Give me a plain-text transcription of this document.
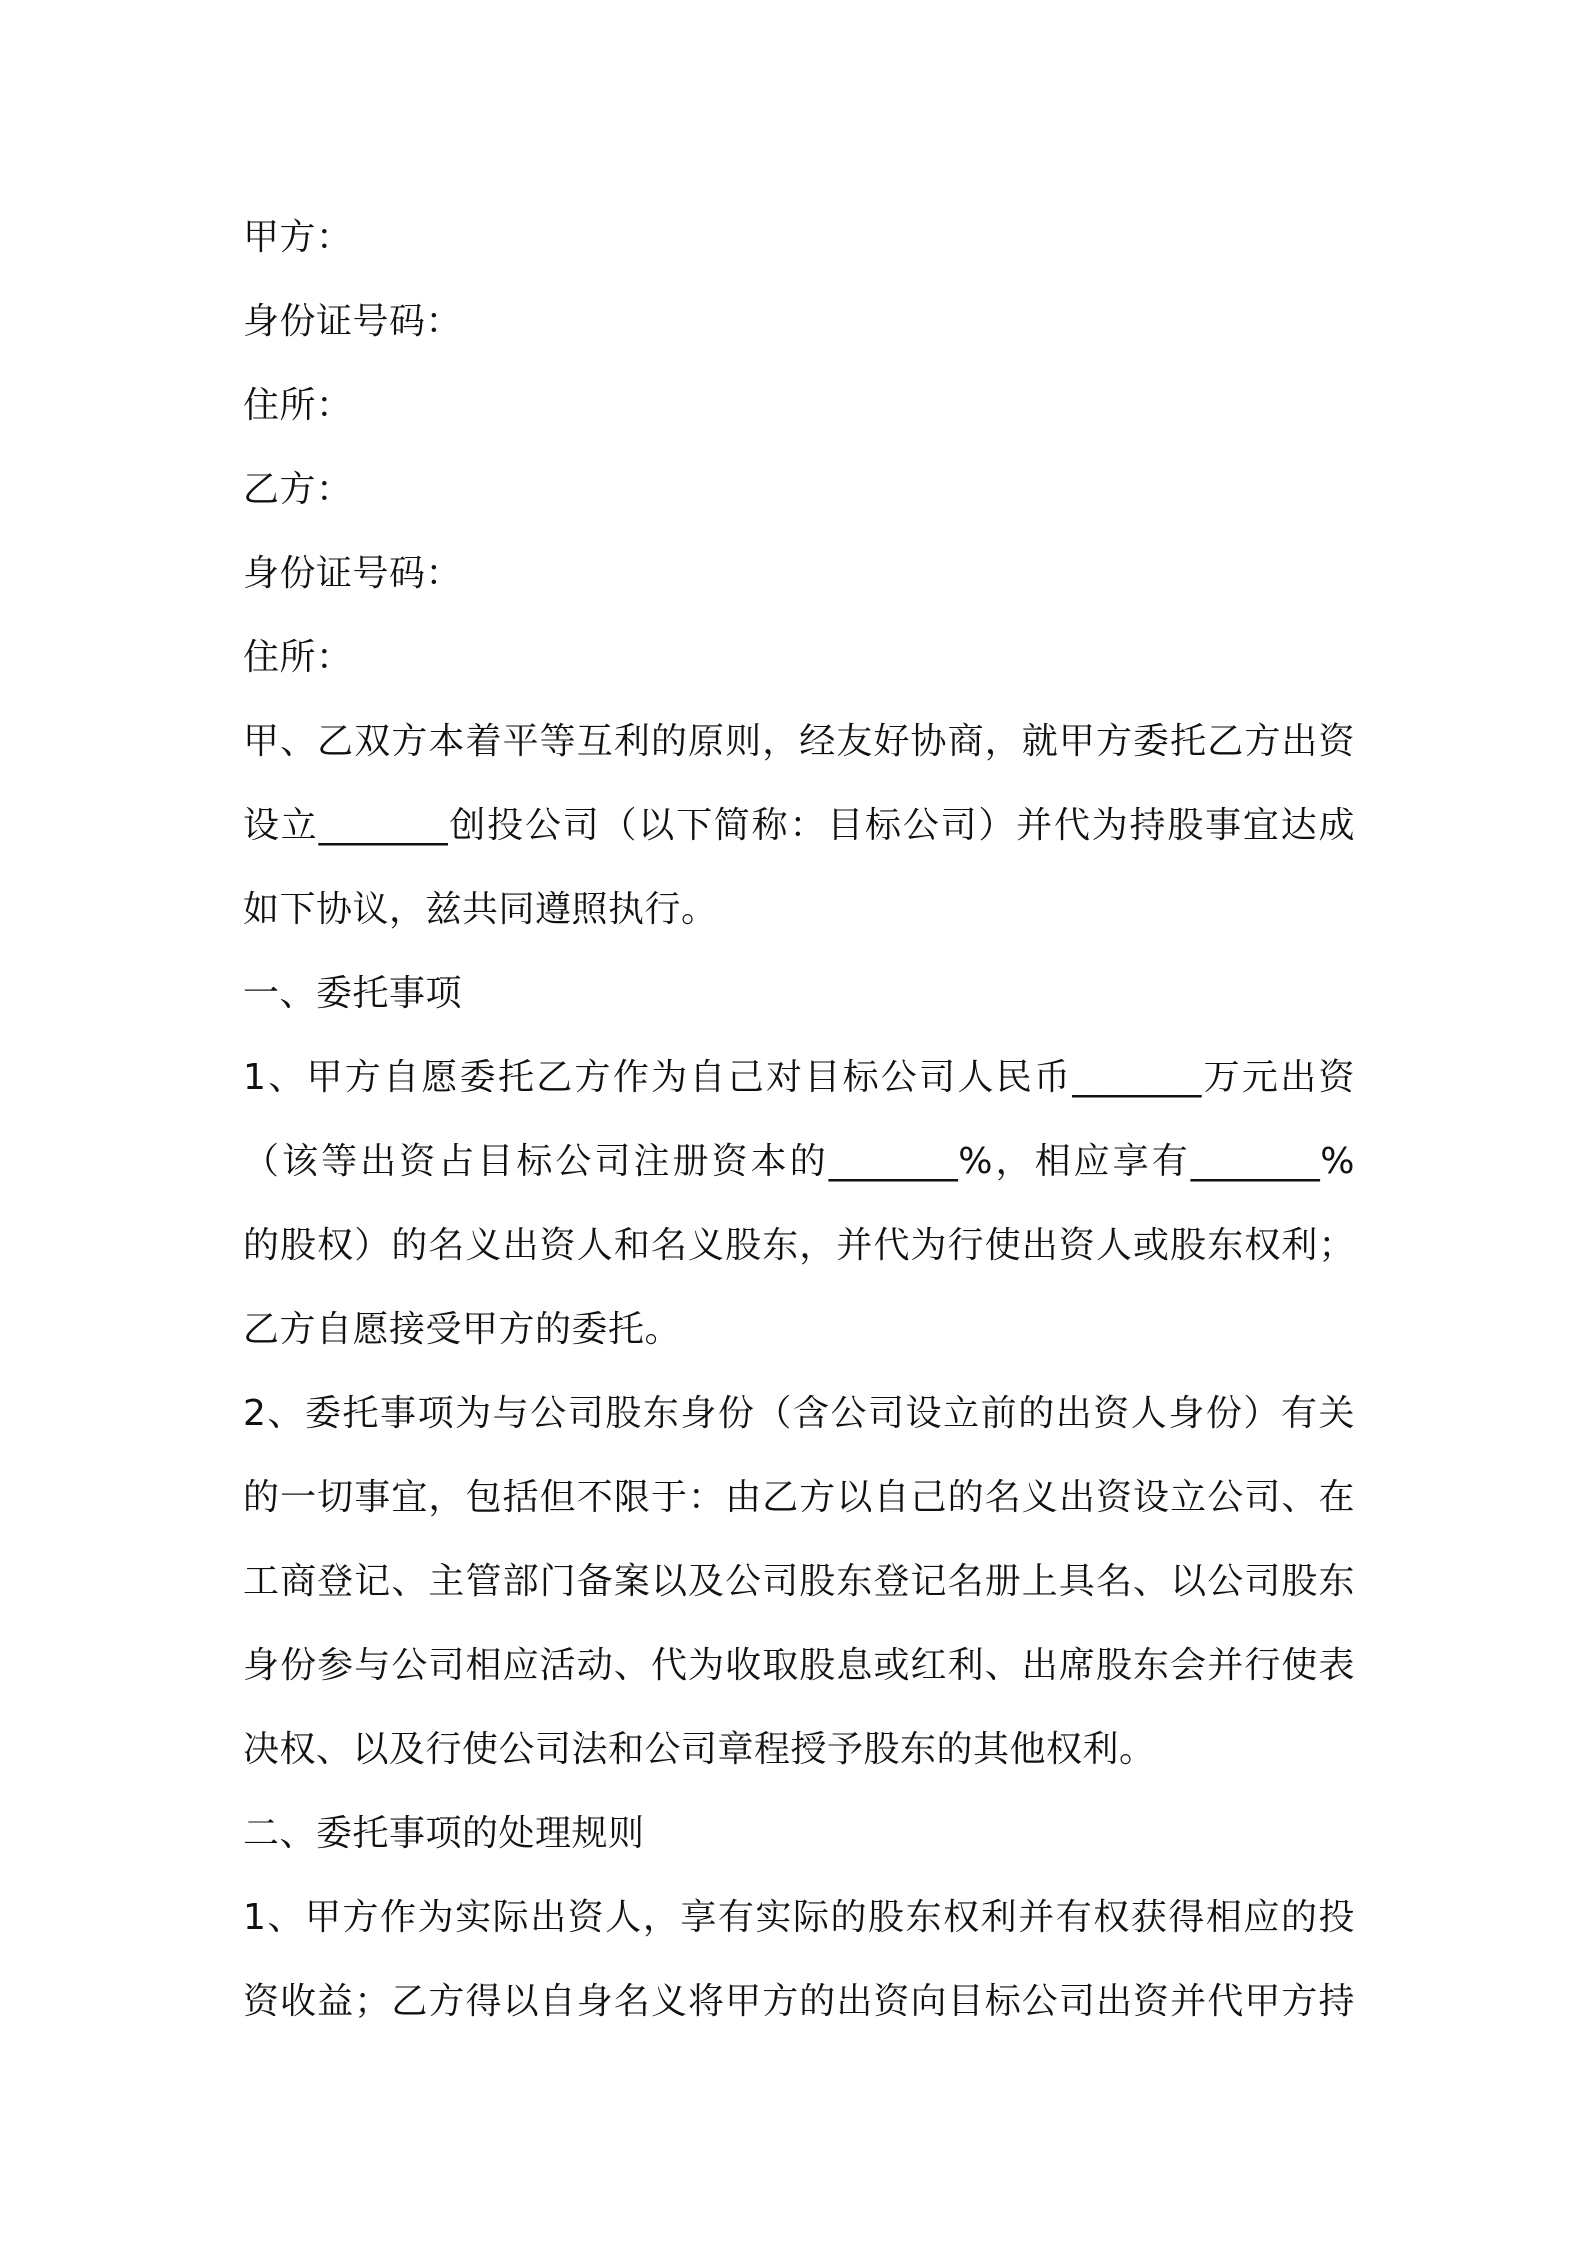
甲方：
身份证号码：
住所：
乙方：
身份证号码：
住所：
甲、乙双方本着平等互利的原则，经友好协商，就甲方委托乙方出资
设立_______创投公司（以下简称：目标公司）并代为持股事宜达成
如下协议，兹共同遵照执行。
一、委托事项
1、甲方自愿委托乙方作为自己对目标公司人民币_______万元出资
（该等出资占目标公司注册资本的_______%，相应享有_______%
的股权）的名义出资人和名义股东，并代为行使出资人或股东权利；
乙方自愿接受甲方的委托。
2、委托事项为与公司股东身份（含公司设立前的出资人身份）有关
的一切事宜，包括但不限于：由乙方以自己的名义出资设立公司、在
工商登记、主管部门备案以及公司股东登记名册上具名、以公司股东
身份参与公司相应活动、代为收取股息或红利、出席股东会并行使表
决权、以及行使公司法和公司章程授予股东的其他权利。
二、委托事项的处理规则
1、甲方作为实际出资人，享有实际的股东权利并有权获得相应的投
资收益；乙方得以自身名义将甲方的出资向目标公司出资并代甲方持
